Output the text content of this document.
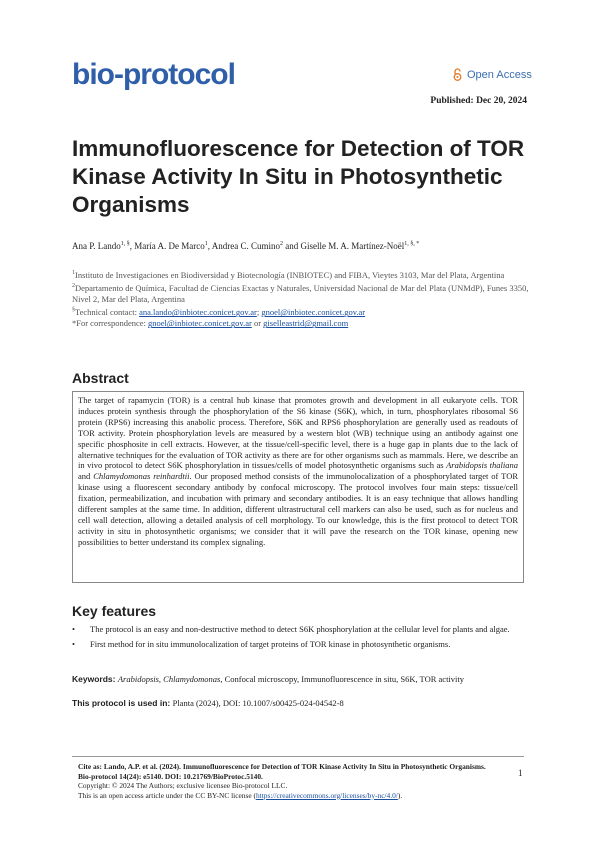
bio-protocol	Open Access
Published: Dec 20, 2024
Immunofluorescence for Detection of TOR Kinase Activity In Situ in Photosynthetic Organisms
Ana P. Lando$^{1, \S}$, María A. De Marco$^1$, Andrea C. Cumino$^2$ and Giselle M. A. Martínez-Noël$^{1, \S, *}$
$^1$Instituto de Investigaciones en Biodiversidad y Biotecnología (INBIOTEC) and FIBA, Vieytes 3103, Mar del Plata, Argentina
$^2$Departamento de Química, Facultad de Ciencias Exactas y Naturales, Universidad Nacional de Mar del Plata (UNMdP), Funes 3350, Nivel 2, Mar del Plata, Argentina
§Technical contact: ana.lando@inbiotec.conicet.gov.ar; gnoel@inbiotec.conicet.gov.ar
*For correspondence: gnoel@inbiotec.conicet.gov.ar or giselleastrid@gmail.com
Abstract
The target of rapamycin (TOR) is a central hub kinase that promotes growth and development in all eukaryote cells. TOR induces protein synthesis through the phosphorylation of the S6 kinase (S6K), which, in turn, phosphorylates ribosomal S6 protein (RPS6) increasing this anabolic process. Therefore, S6K and RPS6 phosphorylation are generally used as readouts of TOR activity. Protein phosphorylation levels are measured by a western blot (WB) technique using an antibody against one specific phosphosite in cell extracts. However, at the tissue/cell-specific level, there is a huge gap in plants due to the lack of alternative techniques for the evaluation of TOR activity as there are for other organisms such as mammals. Here, we describe an in vivo protocol to detect S6K phosphorylation in tissues/cells of model photosynthetic organisms such as Arabidopsis thaliana and Chlamydomonas reinhardtii. Our proposed method consists of the immunolocalization of a phosphorylated target of TOR kinase using a fluorescent secondary antibody by confocal microscopy. The protocol involves four main steps: tissue/cell fixation, permeabilization, and incubation with primary and secondary antibodies. It is an easy technique that allows handling different samples at the same time. In addition, different ultrastructural cell markers can also be used, such as for nucleus and cell wall detection, allowing a detailed analysis of cell morphology. To our knowledge, this is the first protocol to detect TOR activity in situ in photosynthetic organisms; we consider that it will pave the research on the TOR kinase, opening new possibilities to better understand its complex signaling.
Key features
• The protocol is an easy and non-destructive method to detect S6K phosphorylation at the cellular level for plants and algae.
• First method for in situ immunolocalization of target proteins of TOR kinase in photosynthetic organisms.
Keywords: Arabidopsis, Chlamydomonas, Confocal microscopy, Immunofluorescence in situ, S6K, TOR activity
This protocol is used in: Planta (2024), DOI: 10.1007/s00425-024-04542-8
Cite as: Lando, A.P. et al. (2024). Immunofluorescence for Detection of TOR Kinase Activity In Situ in Photosynthetic Organisms. Bio-protocol 14(24): e5140. DOI: 10.21769/BioProtoc.5140.
Copyright: © 2024 The Authors; exclusive licensee Bio-protocol LLC.
This is an open access article under the CC BY-NC license (https://creativecommons.org/licenses/by-nc/4.0/).
1
